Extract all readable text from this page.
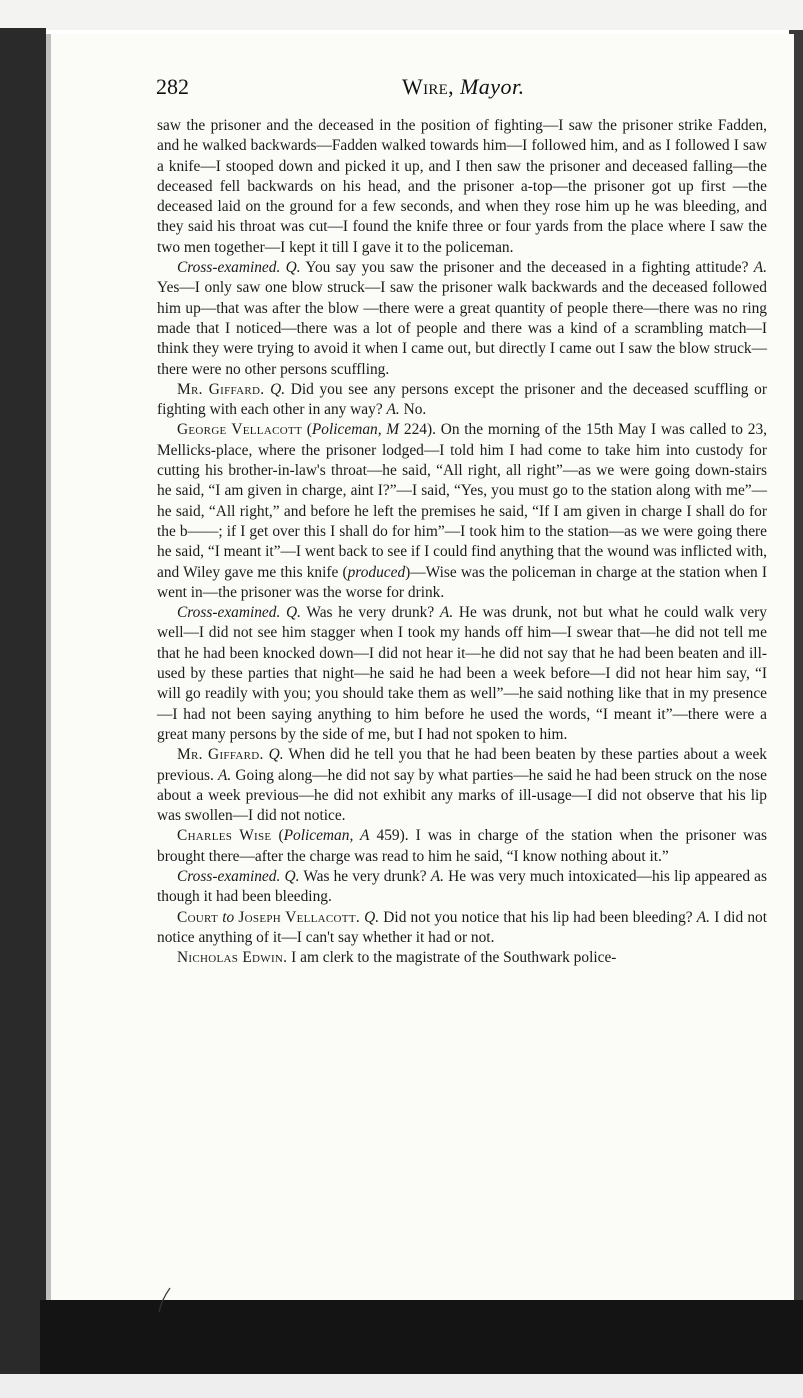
282	Wire, Mayor.

saw the prisoner and the deceased in the position of fighting—I saw the prisoner strike Fadden, and he walked backwards—Fadden walked towards him—I followed him, and as I followed I saw a knife—I stooped down and picked it up, and I then saw the prisoner and deceased falling—the deceased fell backwards on his head, and the prisoner a-top—the prisoner got up first —the deceased laid on the ground for a few seconds, and when they rose him up he was bleeding, and they said his throat was cut—I found the knife three or four yards from the place where I saw the two men together—I kept it till I gave it to the policeman.

Cross-examined. Q. You say you saw the prisoner and the deceased in a fighting attitude? A. Yes—I only saw one blow struck—I saw the prisoner walk backwards and the deceased followed him up—that was after the blow —there were a great quantity of people there—there was no ring made that I noticed—there was a lot of people and there was a kind of a scrambling match—I think they were trying to avoid it when I came out, but directly I came out I saw the blow struck—there were no other persons scuffling.

Mr. Giffard. Q. Did you see any persons except the prisoner and the deceased scuffling or fighting with each other in any way? A. No.

George Vellacott (Policeman, M 224). On the morning of the 15th May I was called to 23, Mellicks-place, where the prisoner lodged—I told him I had come to take him into custody for cutting his brother-in-law's throat—he said, “All right, all right”—as we were going down-stairs he said, “I am given in charge, aint I?”—I said, “Yes, you must go to the station along with me”—he said, “All right,” and before he left the premises he said, “If I am given in charge I shall do for the b——; if I get over this I shall do for him”—I took him to the station—as we were going there he said, “I meant it”—I went back to see if I could find anything that the wound was inflicted with, and Wiley gave me this knife (produced)—Wise was the policeman in charge at the station when I went in—the prisoner was the worse for drink.

Cross-examined. Q. Was he very drunk? A. He was drunk, not but what he could walk very well—I did not see him stagger when I took my hands off him—I swear that—he did not tell me that he had been knocked down—I did not hear it—he did not say that he had been beaten and ill-used by these parties that night—he said he had been a week before—I did not hear him say, “I will go readily with you; you should take them as well”—he said nothing like that in my presence—I had not been saying anything to him before he used the words, “I meant it”—there were a great many persons by the side of me, but I had not spoken to him.

Mr. Giffard. Q. When did he tell you that he had been beaten by these parties about a week previous. A. Going along—he did not say by what parties—he said he had been struck on the nose about a week previous—he did not exhibit any marks of ill-usage—I did not observe that his lip was swollen—I did not notice.

Charles Wise (Policeman, A 459). I was in charge of the station when the prisoner was brought there—after the charge was read to him he said, “I know nothing about it.”

Cross-examined. Q. Was he very drunk? A. He was very much intoxicated—his lip appeared as though it had been bleeding.

Court to Joseph Vellacott. Q. Did not you notice that his lip had been bleeding? A. I did not notice anything of it—I can't say whether it had or not.

Nicholas Edwin. I am clerk to the magistrate of the Southwark police-
